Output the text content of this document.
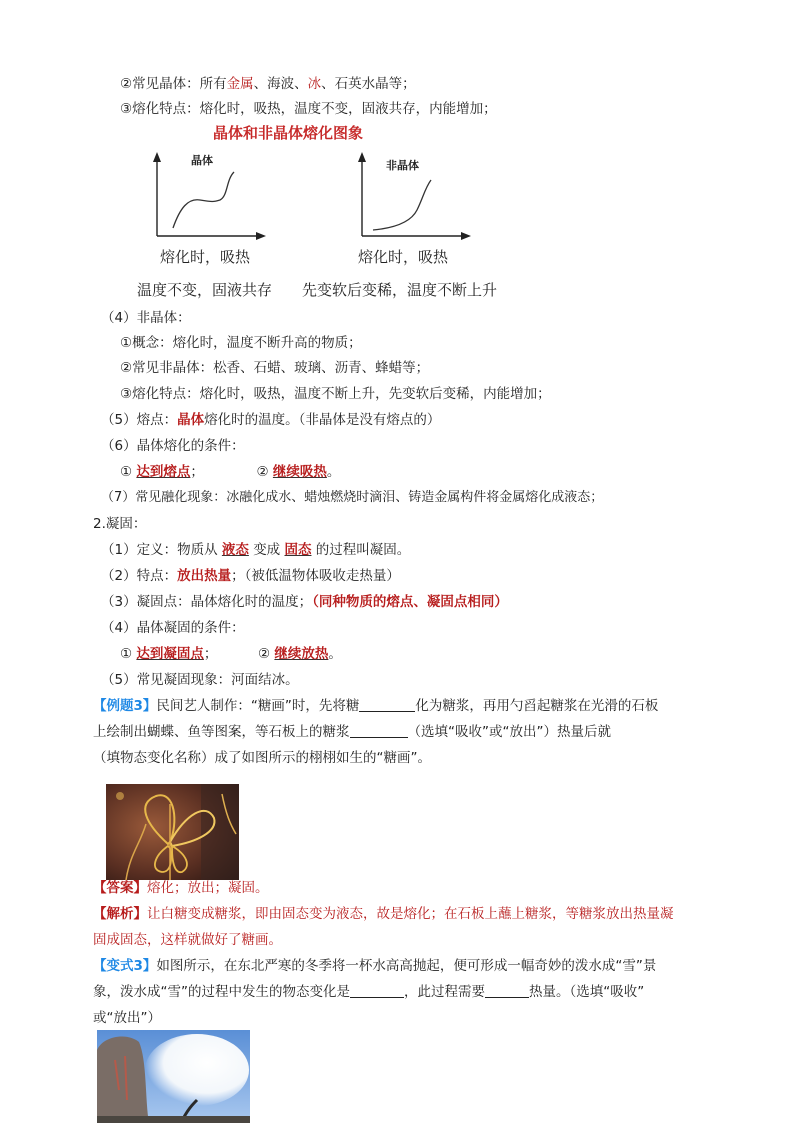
②常见晶体：所有金属、海波、冰、石英水晶等；
③熔化特点：熔化时，吸热，温度不变，固液共存，内能增加；
晶体和非晶体熔化图象
晶体	非晶体
熔化时，吸热	熔化时，吸热
温度不变，固液共存 先变软后变稀，温度不断上升
（4）非晶体：
①概念：熔化时，温度不断升高的物质；
②常见非晶体：松香、石蜡、玻璃、沥青、蜂蜡等；
③熔化特点：熔化时，吸热，温度不断上升，先变软后变稀，内能增加；
（5）熔点：晶体熔化时的温度。（非晶体是没有熔点的）
（6）晶体熔化的条件：
① 达到熔点；	② 继续吸热。
（7）常见融化现象：冰融化成水、蜡烛燃烧时滴泪、铸造金属构件将金属熔化成液态；
2.凝固：
（1）定义：物质从 液态 变成 固态 的过程叫凝固。
（2）特点：放出热量；（被低温物体吸收走热量）
（3）凝固点：晶体熔化时的温度；（同种物质的熔点、凝固点相同）
（4）晶体凝固的条件：
① 达到凝固点；	② 继续放热。
（5）常见凝固现象：河面结冰。
【例题3】民间艺人制作：“糖画”时，先将糖	化为糖浆，再用勺舀起糖浆在光滑的石板
上绘制出蝴蝶、鱼等图案，等石板上的糖浆	（选填“吸收”或“放出”）热量后就
（填物态变化名称）成了如图所示的栩栩如生的“糖画”。
【答案】熔化；放出；凝固。
【解析】让白糖变成糖浆，即由固态变为液态，故是熔化；在石板上蘸上糖浆，等糖浆放出热量凝
固成固态，这样就做好了糖画。
【变式3】如图所示，在东北严寒的冬季将一杯水高高抛起，便可形成一幅奇妙的泼水成“雪”景
象，泼水成“雪”的过程中发生的物态变化是	，此过程需要	热量。（选填“吸收”
或“放出”）
